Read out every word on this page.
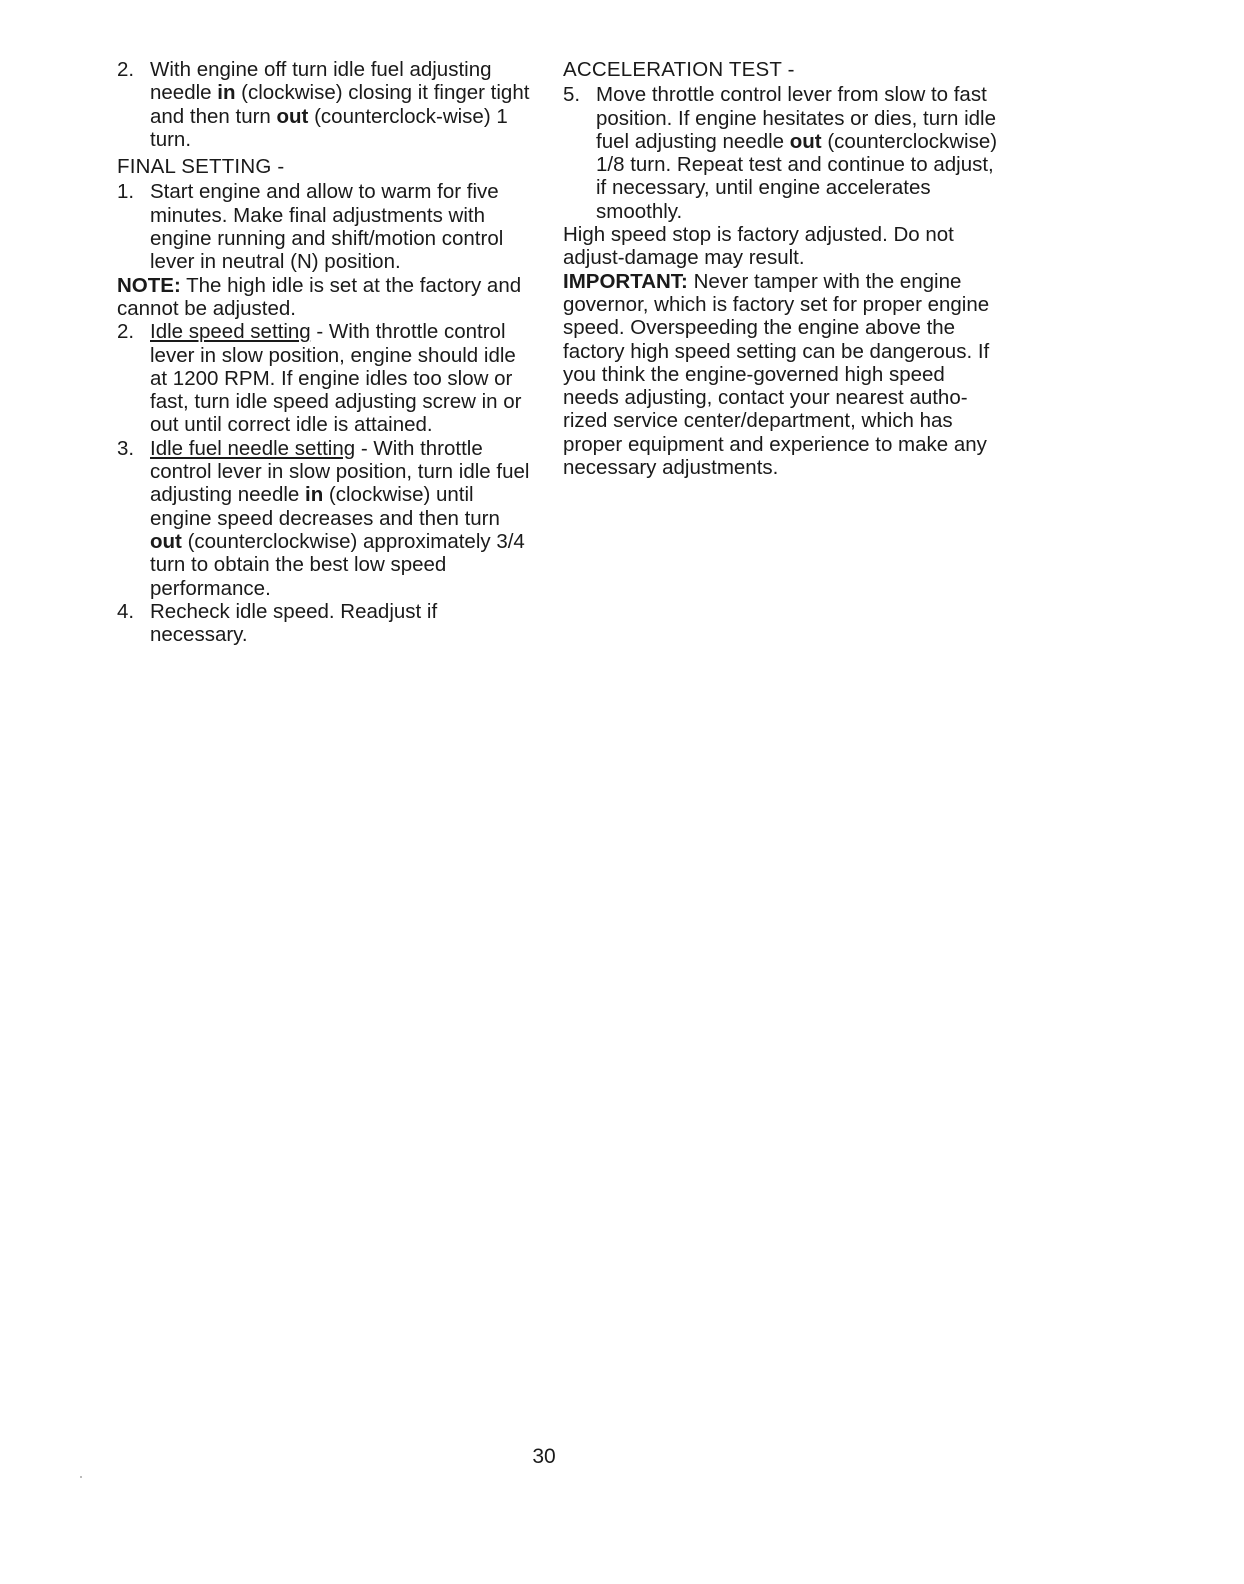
2. With engine off turn idle fuel adjusting needle in (clockwise) closing it finger tight and then turn out (counterclock-wise) 1 turn.

FINAL SETTING -

1. Start engine and allow to warm for five minutes. Make final adjustments with engine running and shift/motion control lever in neutral (N) position.

NOTE: The high idle is set at the factory and cannot be adjusted.

2. Idle speed setting - With throttle control lever in slow position, engine should idle at 1200 RPM. If engine idles too slow or fast, turn idle speed adjusting screw in or out until correct idle is attained.

3. Idle fuel needle setting - With throttle control lever in slow position, turn idle fuel adjusting needle in (clockwise) until engine speed decreases and then turn out (counterclockwise) approximately 3/4 turn to obtain the best low speed performance.

4. Recheck idle speed. Readjust if necessary.

ACCELERATION TEST -

5. Move throttle control lever from slow to fast position. If engine hesitates or dies, turn idle fuel adjusting needle out (counterclockwise) 1/8 turn. Repeat test and continue to adjust, if necessary, until engine accelerates smoothly.

High speed stop is factory adjusted. Do not adjust-damage may result.

IMPORTANT: Never tamper with the engine governor, which is factory set for proper engine speed. Overspeeding the engine above the factory high speed setting can be dangerous. If you think the engine-governed high speed needs adjusting, contact your nearest autho-rized service center/department, which has proper equipment and experience to make any necessary adjustments.

30
